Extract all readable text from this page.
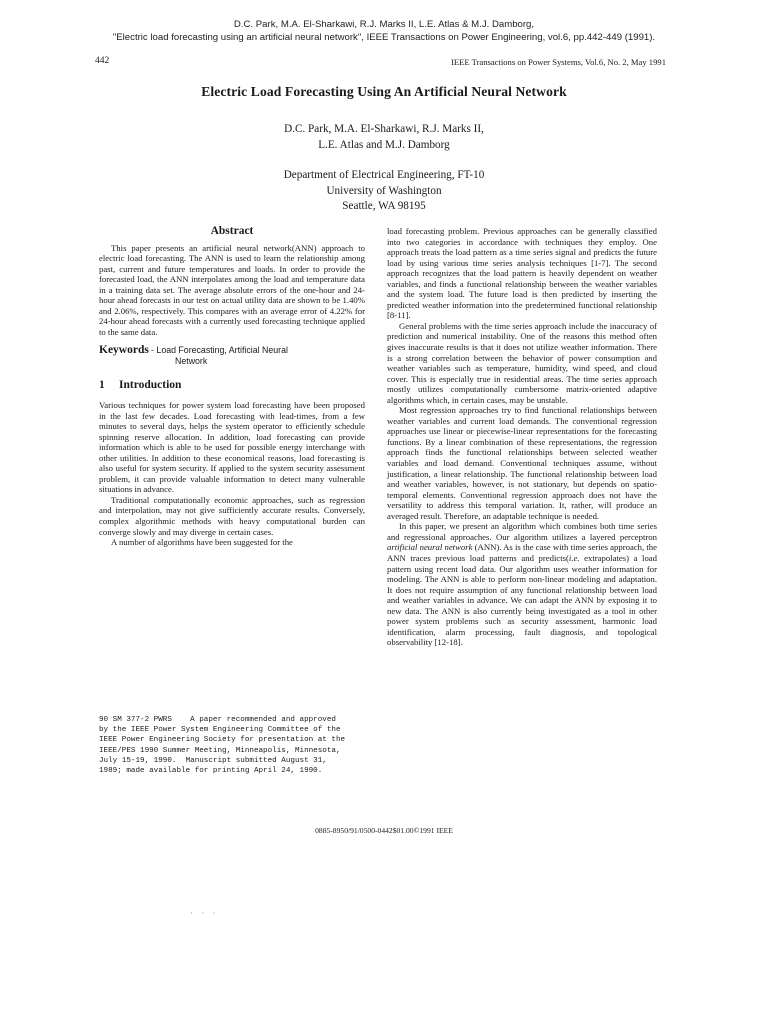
D.C. Park, M.A. El-Sharkawi, R.J. Marks II, L.E. Atlas & M.J. Damborg,
"Electric load forecasting using an artificial neural network", IEEE Transactions on Power Engineering, vol.6, pp.442-449 (1991).
442	IEEE Transactions on Power Systems, Vol.6, No. 2, May 1991
Electric Load Forecasting Using An Artificial Neural Network
D.C. Park, M.A. El-Sharkawi, R.J. Marks II,
L.E. Atlas and M.J. Damborg
Department of Electrical Engineering, FT-10
University of Washington
Seattle, WA 98195
Abstract

This paper presents an artificial neural network(ANN) approach to electric load forecasting. The ANN is used to learn the relationship among past, current and future temperatures and loads. In order to provide the forecasted load, the ANN interpolates among the load and temperature data in a training data set. The average absolute errors of the one-hour and 24-hour ahead forecasts in our test on actual utility data are shown to be 1.40% and 2.06%, respectively. This compares with an average error of 4.22% for 24-hour ahead forecasts with a currently used forecasting technique applied to the same data.

Keywords - Load Forecasting, Artificial Neural
Network
1 Introduction

Various techniques for power system load forecasting have been proposed in the last few decades. Load forecasting with lead-times, from a few minutes to several days, helps the system operator to efficiently schedule spinning reserve allocation. In addition, load forecasting can provide information which is able to be used for possible energy interchange with other utilities. In addition to these economical reasons, load forecasting is also useful for system security. If applied to the system security assessment problem, it can provide valuable information to detect many vulnerable situations in advance.

Traditional computationally economic approaches, such as regression and interpolation, may not give sufficiently accurate results. Conversely, complex algorithmic methods with heavy computational burden can converge slowly and may diverge in certain cases.

A number of algorithms have been suggested for the

90 SM 377-2 PWRS    A paper recommended and approved
by the IEEE Power System Engineering Committee of the
IEEE Power Engineering Society for presentation at the
IEEE/PES 1990 Summer Meeting, Minneapolis, Minnesota,
July 15-19, 1990.  Manuscript submitted August 31,
1989; made available for printing April 24, 1990.

load forecasting problem. Previous approaches can be generally classified into two categories in accordance with techniques they employ. One approach treats the load pattern as a time series signal and predicts the future load by using various time series analysis techniques [1-7]. The second approach recognizes that the load pattern is heavily dependent on weather variables, and finds a functional relationship between the weather variables and the system load. The future load is then predicted by inserting the predicted weather information into the predetermined functional relationship [8-11].

General problems with the time series approach include the inaccuracy of prediction and numerical instability. One of the reasons this method often gives inaccurate results is that it does not utilize weather information. There is a strong correlation between the behavior of power consumption and weather variables such as temperature, humidity, wind speed, and cloud cover. This is especially true in residential areas. The time series approach mostly utilizes computationally cumbersome matrix-oriented adaptive algorithms which, in certain cases, may be unstable.

Most regression approaches try to find functional relationships between weather variables and current load demands. The conventional regression approaches use linear or piecewise-linear representations for the forecasting functions. By a linear combination of these representations, the regression approach finds the functional relationships between selected weather variables and load demand. Conventional techniques assume, without justification, a linear relationship. The functional relationship between load and weather variables, however, is not stationary, but depends on spatio-temporal elements. Conventional regression approach does not have the versatility to address this temporal variation. It, rather, will produce an averaged result. Therefore, an adaptable technique is needed.

In this paper, we present an algorithm which combines both time series and regressional approaches. Our algorithm utilizes a layered perceptron artificial neural network (ANN). As is the case with time series approach, the ANN traces previous load patterns and predicts(i.e. extrapolates) a load pattern using recent load data. Our algorithm uses weather information for modeling. The ANN is able to perform non-linear modeling and adaptation. It does not require assumption of any functional relationship between load and weather variables in advance. We can adapt the ANN by exposing it to new data. The ANN is also currently being investigated as a tool in other power system problems such as security assessment, harmonic load identification, alarm processing, fault diagnosis, and topological observability [12-18].

0885-8950/91/0500-0442$01.00©1991 IEEE
· · ·
